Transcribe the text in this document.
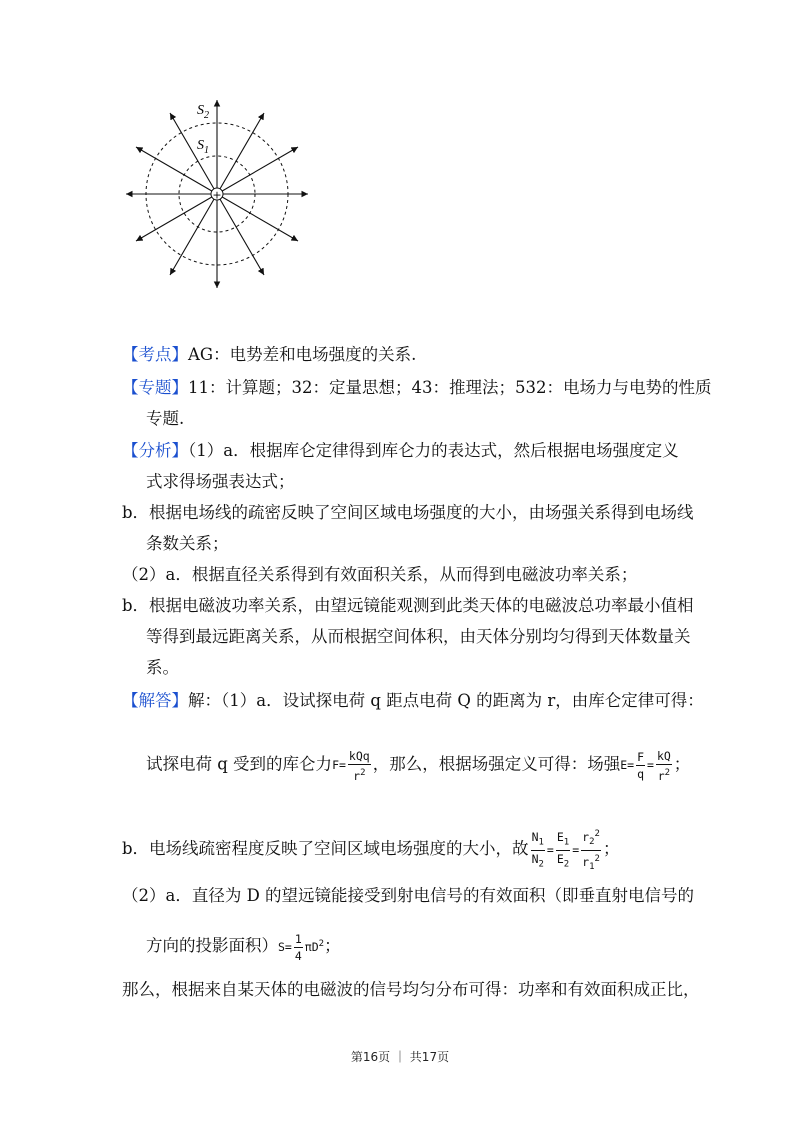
+
$S_2$
$S_1$
【考点】AG：电势差和电场强度的关系.
【专题】11：计算题；32：定量思想；43：推理法；532：电场力与电势的性质
专题.
【分析】（1）a．根据库仑定律得到库仑力的表达式，然后根据电场强度定义
式求得场强表达式；
b．根据电场线的疏密反映了空间区域电场强度的大小，由场强关系得到电场线
条数关系；
（2）a．根据直径关系得到有效面积关系，从而得到电磁波功率关系；
b．根据电磁波功率关系，由望远镜能观测到此类天体的电磁波总功率最小值相
等得到最远距离关系，从而根据空间体积，由天体分别均匀得到天体数量关
系。
【解答】解：（1）a．设试探电荷 q 距点电荷 Q 的距离为 r，由库仑定律可得：
试探电荷 q 受到的库仑力$F= \frac{\text{kQq}}{r^2}$ ，那么，根据场强定义可得：场强$E= \frac{F}{q} = \frac{kQ}{r^2}$ ；
b．电场线疏密程度反映了空间区域电场强度的大小，故 $\frac{N_1}{N_2} = \frac{E_1}{E_2} = \frac{r_2^2}{r_1^2}$ ；
（2）a．直径为 D 的望远镜能接受到射电信号的有效面积（即垂直射电信号的
方向的投影面积）$S= \frac{1}{4} \pi D^2$；
那么，根据来自某天体的电磁波的信号均匀分布可得：功率和有效面积成正比，
第16页 ｜ 共17页
